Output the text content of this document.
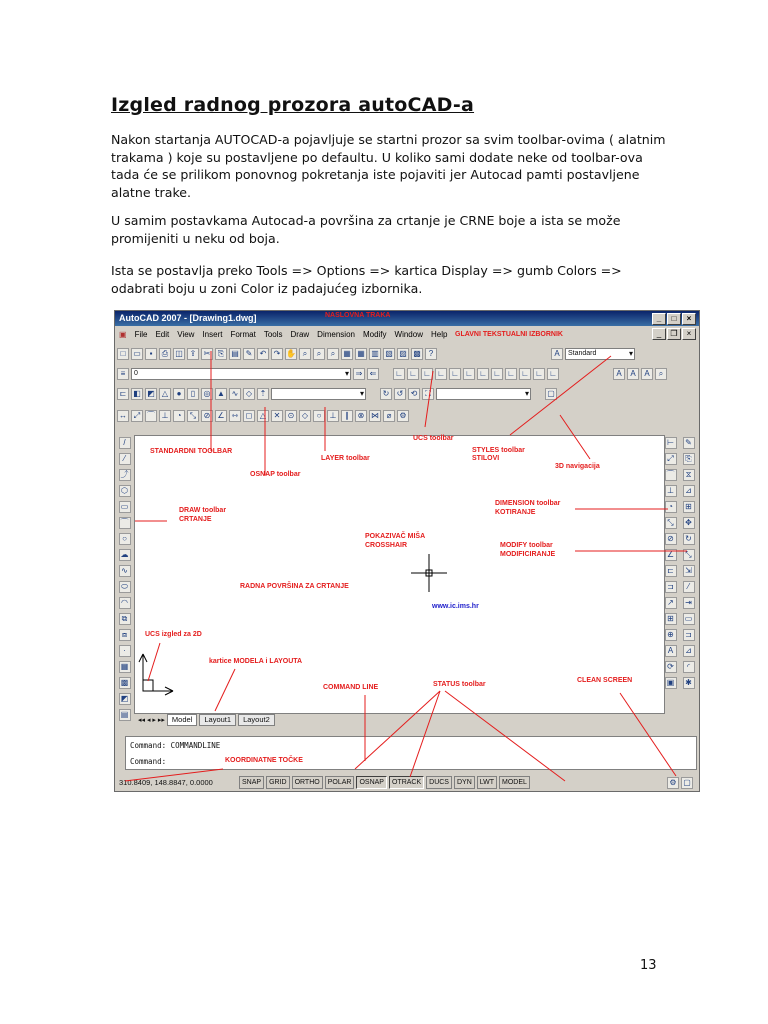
Izgled radnog prozora autoCAD-a

Nakon startanja AUTOCAD-a pojavljuje se startni prozor sa svim toolbar-ovima ( alatnim trakama ) koje su postavljene po defaultu. U koliko sami dodate neke od toolbar-ova tada će se prilikom ponovnog pokretanja iste pojaviti jer Autocad pamti postavljene alatne trake.

U samim postavkama Autocad-a površina za crtanje je CRNE boje a ista se može promijeniti u neku od boja.

Ista se postavlja preko Tools => Options => kartica Display => gumb Colors => odabrati boju u zoni Color iz padajućeg izbornika.

AutoCAD 2007 - [Drawing1.dwg]	_	□	×
▣	File	Edit	View	Insert	Format	Tools	Draw	Dimension	Modify	Window	Help	_	❐	×
□ ▭	▪	⎙ ◫ ⇪ ✂ ⎘ ▤ ✎ ↶ ↷ ✋ ⌕	⌕	⌕ ▦ ▦ ▥ ▧ ▨ ▩ ?	A	Standard ▾
≡	0 ▾	⇒ ⇐	∟ ∟ ∟ ∟ ∟ ∟ ∟ ∟ ∟ ∟ ∟ ∟	A	A	A	⌕
⊏ ◧ ◩ △	●	▯	◎ ▲ ∿ ◇ ⇡ ▾	↻ ↺ ⟲ ⛶ ▾	▢
↔ ⤢ ⌒ ⊥	◔	⤡ ⊘ ∠ ⇿ ◻ △ ✕ ⊙ ◇	○	⊥	∥	⊗ ⋈ ⌀	⚙
/
⁄
⤴
⬡
▭
⌒
○
☁
∿
⬭
◠
⧉
⧈
·
▦
▩
◩
▤
⊢
⤢
⌒
⊥
◔
⤡
⊘
∠
⊏
⊐
↗
⊞
⊕
A
⟳
▣
✎
⎘
⧖
⊿
⊞
✥
↻
⤡
⇲
⁄
⇥
▭
⊐
⊿
◜
✱
◂◂ ◂ ▸ ▸▸ Model	Layout1	Layout2
Command: COMMANDLINE
Command:
310.8409, 148.8847, 0.0000	SNAP	GRID	ORTHO	POLAR	OSNAP	OTRACK	DUCS	DYN	LWT	MODEL	⚙ ▢
NASLOVNA TRAKA
GLAVNI TEKSTUALNI IZBORNIK
STANDARDNI TOOLBAR
OSNAP toolbar
LAYER toolbar
UCS toolbar
STYLES toolbar
STILOVI
3D navigacija
DRAW toolbar
CRTANJE
DIMENSION toolbar
KOTIRANJE
POKAZIVAČ MIŠA
CROSSHAIR	MODIFY toolbar
MODIFICIRANJE
RADNA POVRŠINA ZA CRTANJE
www.ic.ims.hr
UCS izgled za 2D
kartice MODELA i LAYOUTA
COMMAND LINE	STATUS toolbar
CLEAN SCREEN
KOORDINATNE TOČKE
13
